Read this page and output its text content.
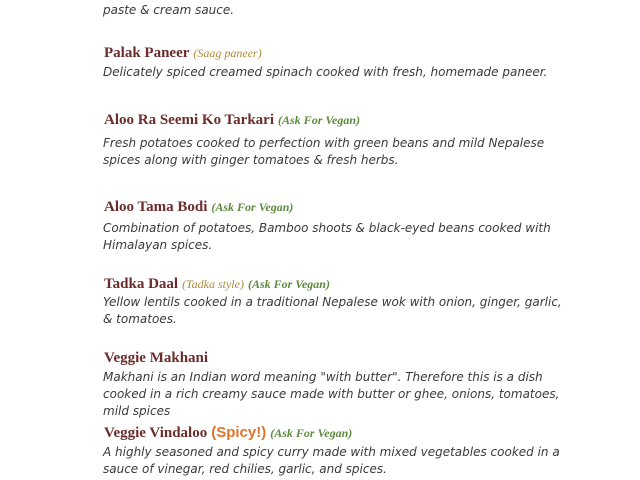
paste & cream sauce.

Palak Paneer (Saag paneer)

Delicately spiced creamed spinach cooked with fresh, homemade paneer.

Aloo Ra Seemi Ko Tarkari (Ask For Vegan)

Fresh potatoes cooked to perfection with green beans and mild Nepalese spices along with ginger tomatoes & fresh herbs.

Aloo Tama Bodi (Ask For Vegan)

Combination of potatoes, Bamboo shoots & black-eyed beans cooked with Himalayan spices.

Tadka Daal (Tadka style) (Ask For Vegan)

Yellow lentils cooked in a traditional Nepalese wok with onion, ginger, garlic, & tomatoes.

Veggie Makhani

Makhani is an Indian word meaning "with butter". Therefore this is a dish cooked in a rich creamy sauce made with butter or ghee, onions, tomatoes, mild spices

Veggie Vindaloo (Spicy!) (Ask For Vegan)

A highly seasoned and spicy curry made with mixed vegetables cooked in a sauce of vinegar, red chilies, garlic, and spices.
